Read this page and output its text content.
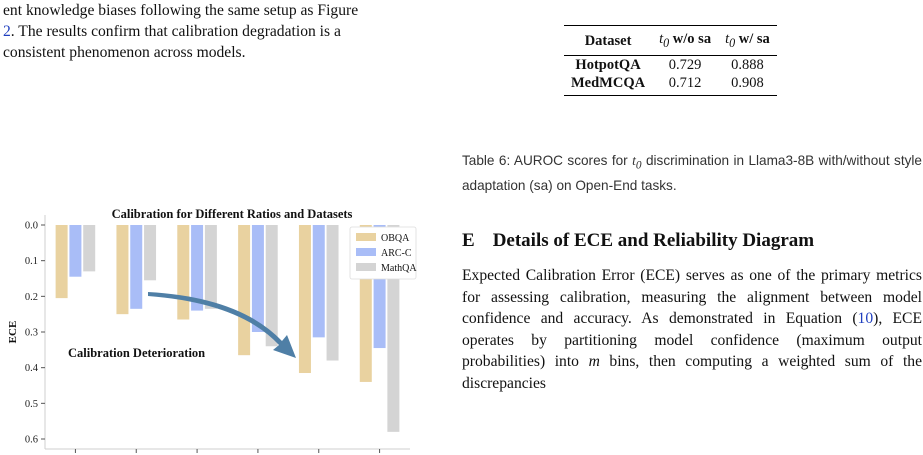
ent knowledge biases following the same setup as Figure
2. The results confirm that calibration degradation is a
consistent phenomenon across models.

Calibration for Different Ratios and Datasets
0.0
0.1
0.2
0.3
0.4
0.5
0.6
ECE
OBQA
ARC-C
MathQA
Calibration Deterioration
Dataset	$t_0$ w/o sa	$t_0$ w/ sa
HotpotQA	0.729	0.888
MedMCQA	0.712	0.908
Table 6: AUROC scores for $t_0$ discrimination in Llama3-8B with/without style adaptation (sa) on Open-End tasks.
E Details of ECE and Reliability Diagram

Expected Calibration Error (ECE) serves as one of the primary metrics for assessing calibration, measuring the alignment between model confidence and accuracy. As demonstrated in Equation (10), ECE operates by partitioning model confidence (maximum output probabilities) into m bins, then computing a weighted sum of the discrepancies
